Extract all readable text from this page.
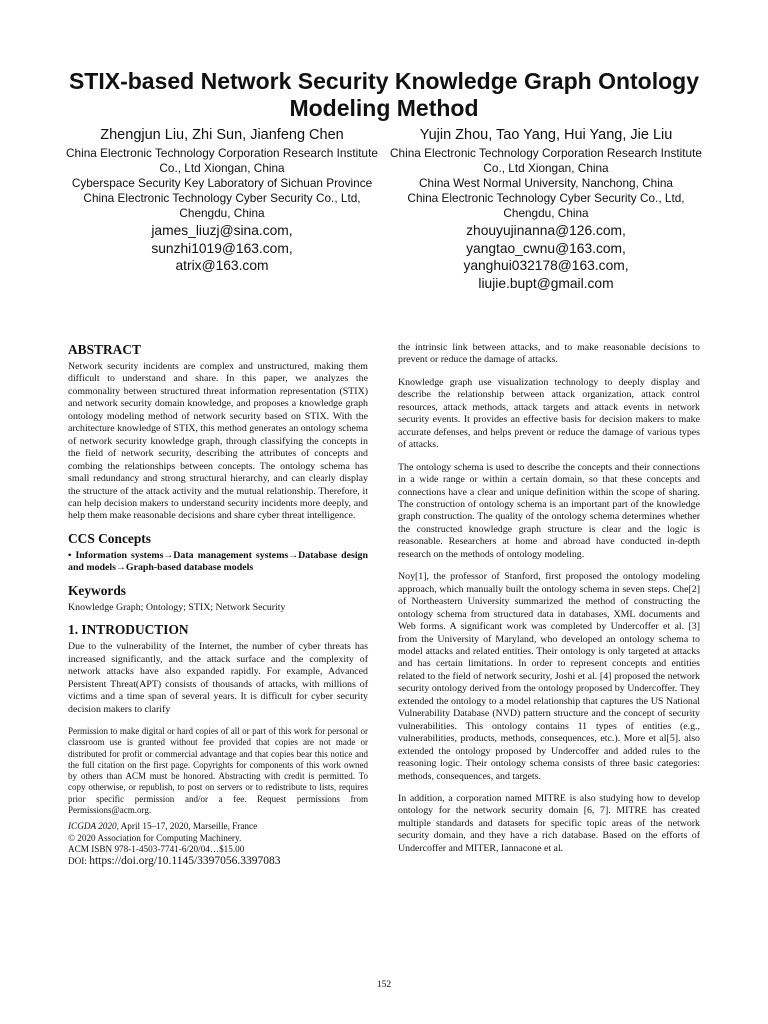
STIX-based Network Security Knowledge Graph Ontology Modeling Method
Zhengjun Liu, Zhi Sun, Jianfeng Chen
China Electronic Technology Corporation Research Institute Co., Ltd Xiongan, China
Cyberspace Security Key Laboratory of Sichuan Province
China Electronic Technology Cyber Security Co., Ltd, Chengdu, China
james_liuzj@sina.com,
sunzhi1019@163.com,
atrix@163.com
Yujin Zhou, Tao Yang, Hui Yang, Jie Liu
China Electronic Technology Corporation Research Institute Co., Ltd Xiongan, China
China West Normal University, Nanchong, China
China Electronic Technology Cyber Security Co., Ltd, Chengdu, China
zhouyujinanna@126.com,
yangtao_cwnu@163.com,
yanghui032178@163.com,
liujie.bupt@gmail.com
ABSTRACT

Network security incidents are complex and unstructured, making them difficult to understand and share. In this paper, we analyzes the commonality between structured threat information representation (STIX) and network security domain knowledge, and proposes a knowledge graph ontology modeling method of network security based on STIX. With the architecture knowledge of STIX, this method generates an ontology schema of network security knowledge graph, through classifying the concepts in the field of network security, describing the attributes of concepts and combing the relationships between concepts. The ontology schema has small redundancy and strong structural hierarchy, and can clearly display the structure of the attack activity and the mutual relationship. Therefore, it can help decision makers to understand security incidents more deeply, and help them make reasonable decisions and share cyber threat intelligence.

CCS Concepts

• Information systems→Data management systems→Database design and models→Graph-based database models

Keywords

Knowledge Graph; Ontology; STIX; Network Security

1. INTRODUCTION

Due to the vulnerability of the Internet, the number of cyber threats has increased significantly, and the attack surface and the complexity of network attacks have also expanded rapidly. For example, Advanced Persistent Threat(APT) consists of thousands of attacks, with millions of victims and a time span of several years. It is difficult for cyber security decision makers to clarify

Permission to make digital or hard copies of all or part of this work for personal or classroom use is granted without fee provided that copies are not made or distributed for profit or commercial advantage and that copies bear this notice and the full citation on the first page. Copyrights for components of this work owned by others than ACM must be honored. Abstracting with credit is permitted. To copy otherwise, or republish, to post on servers or to redistribute to lists, requires prior specific permission and/or a fee. Request permissions from Permissions@acm.org.
ICGDA 2020, April 15–17, 2020, Marseille, France
© 2020 Association for Computing Machinery.
ACM ISBN 978-1-4503-7741-6/20/04…$15.00
DOI: https://doi.org/10.1145/3397056.3397083

the intrinsic link between attacks, and to make reasonable decisions to prevent or reduce the damage of attacks.

Knowledge graph use visualization technology to deeply display and describe the relationship between attack organization, attack control resources, attack methods, attack targets and attack events in network security events. It provides an effective basis for decision makers to make accurate defenses, and helps prevent or reduce the damage of various types of attacks.

The ontology schema is used to describe the concepts and their connections in a wide range or within a certain domain, so that these concepts and connections have a clear and unique definition within the scope of sharing. The construction of ontology schema is an important part of the knowledge graph construction. The quality of the ontology schema determines whether the constructed knowledge graph structure is clear and the logic is reasonable. Researchers at home and abroad have conducted in-depth research on the methods of ontology modeling.

Noy[1], the professor of Stanford, first proposed the ontology modeling approach, which manually built the ontology schema in seven steps. Che[2] of Northeastern University summarized the method of constructing the ontology schema from structured data in databases, XML documents and Web forms. A significant work was completed by Undercoffer et al. [3] from the University of Maryland, who developed an ontology schema to model attacks and related entities. Their ontology is only targeted at attacks and has certain limitations. In order to represent concepts and entities related to the field of network security, Joshi et al. [4] proposed the network security ontology derived from the ontology proposed by Undercoffer. They extended the ontology to a model relationship that captures the US National Vulnerability Database (NVD) pattern structure and the concept of security vulnerabilities. This ontology contains 11 types of entities (e.g., vulnerabilities, products, methods, consequences, etc.). More et al[5]. also extended the ontology proposed by Undercoffer and added rules to the reasoning logic. Their ontology schema consists of three basic categories: methods, consequences, and targets.

In addition, a corporation named MITRE is also studying how to develop ontology for the network security domain [6, 7]. MITRE has created multiple standards and datasets for specific topic areas of the network security domain, and they have a rich database. Based on the efforts of Undercoffer and MITER, Iannacone et al.

152
